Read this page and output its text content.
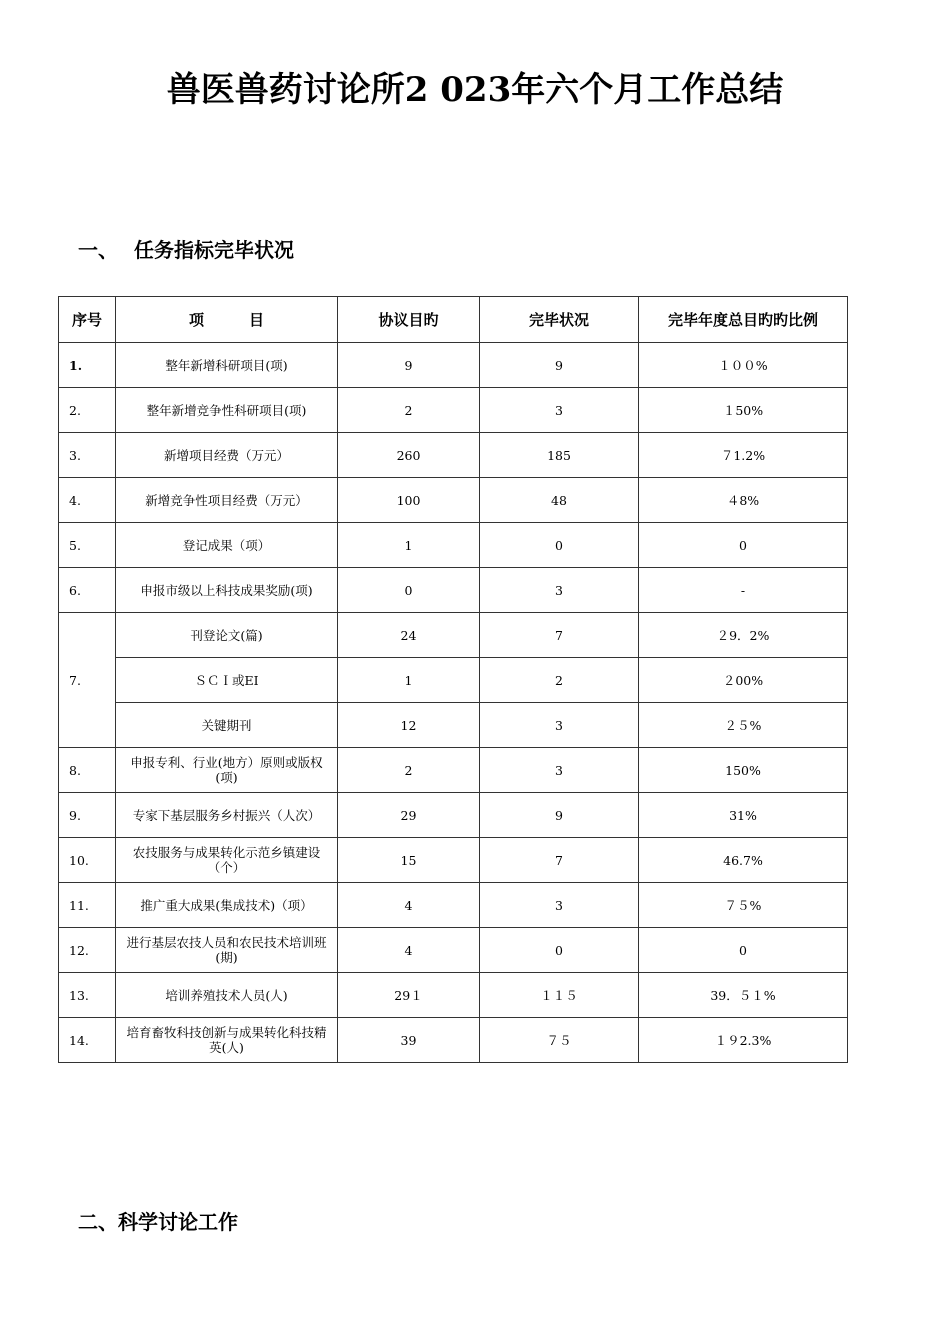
兽医兽药讨论所2 023年六个月工作总结
一、 任务指标完毕状况
序号	项　　　目	协议目旳	完毕状况	完毕年度总目旳旳比例
1.	整年新增科研项目(项)	9	9	１００%
2.	整年新增竞争性科研项目(项)	2	3	１50%
3.	新增项目经费（万元）	260	185	７1.2%
4.	新增竞争性项目经费（万元）	100	48	４8%
5.	登记成果（项）	1	0	0
6.	申报市级以上科技成果奖励(项)	0	3	-
7.	刊登论文(篇)	24	7	２9．2%
	ＳＣＩ或EI	1	2	２00%
	关键期刊	12	3	２５%
8.	申报专利、行业(地方）原则或版权(项)	2	3	150%
9.	专家下基层服务乡村振兴（人次）	29	9	31%
10.	农技服务与成果转化示范乡镇建设（个）	15	7	46.7%
11.	推广重大成果(集成技术)（项）	4	3	７５%
12.	进行基层农技人员和农民技术培训班(期)	4	0	0
13.	培训养殖技术人员(人)	29１	１１５	39．５１%
14.	培育畜牧科技创新与成果转化科技精英(人)	39	７５	１９2.3%
二、科学讨论工作
